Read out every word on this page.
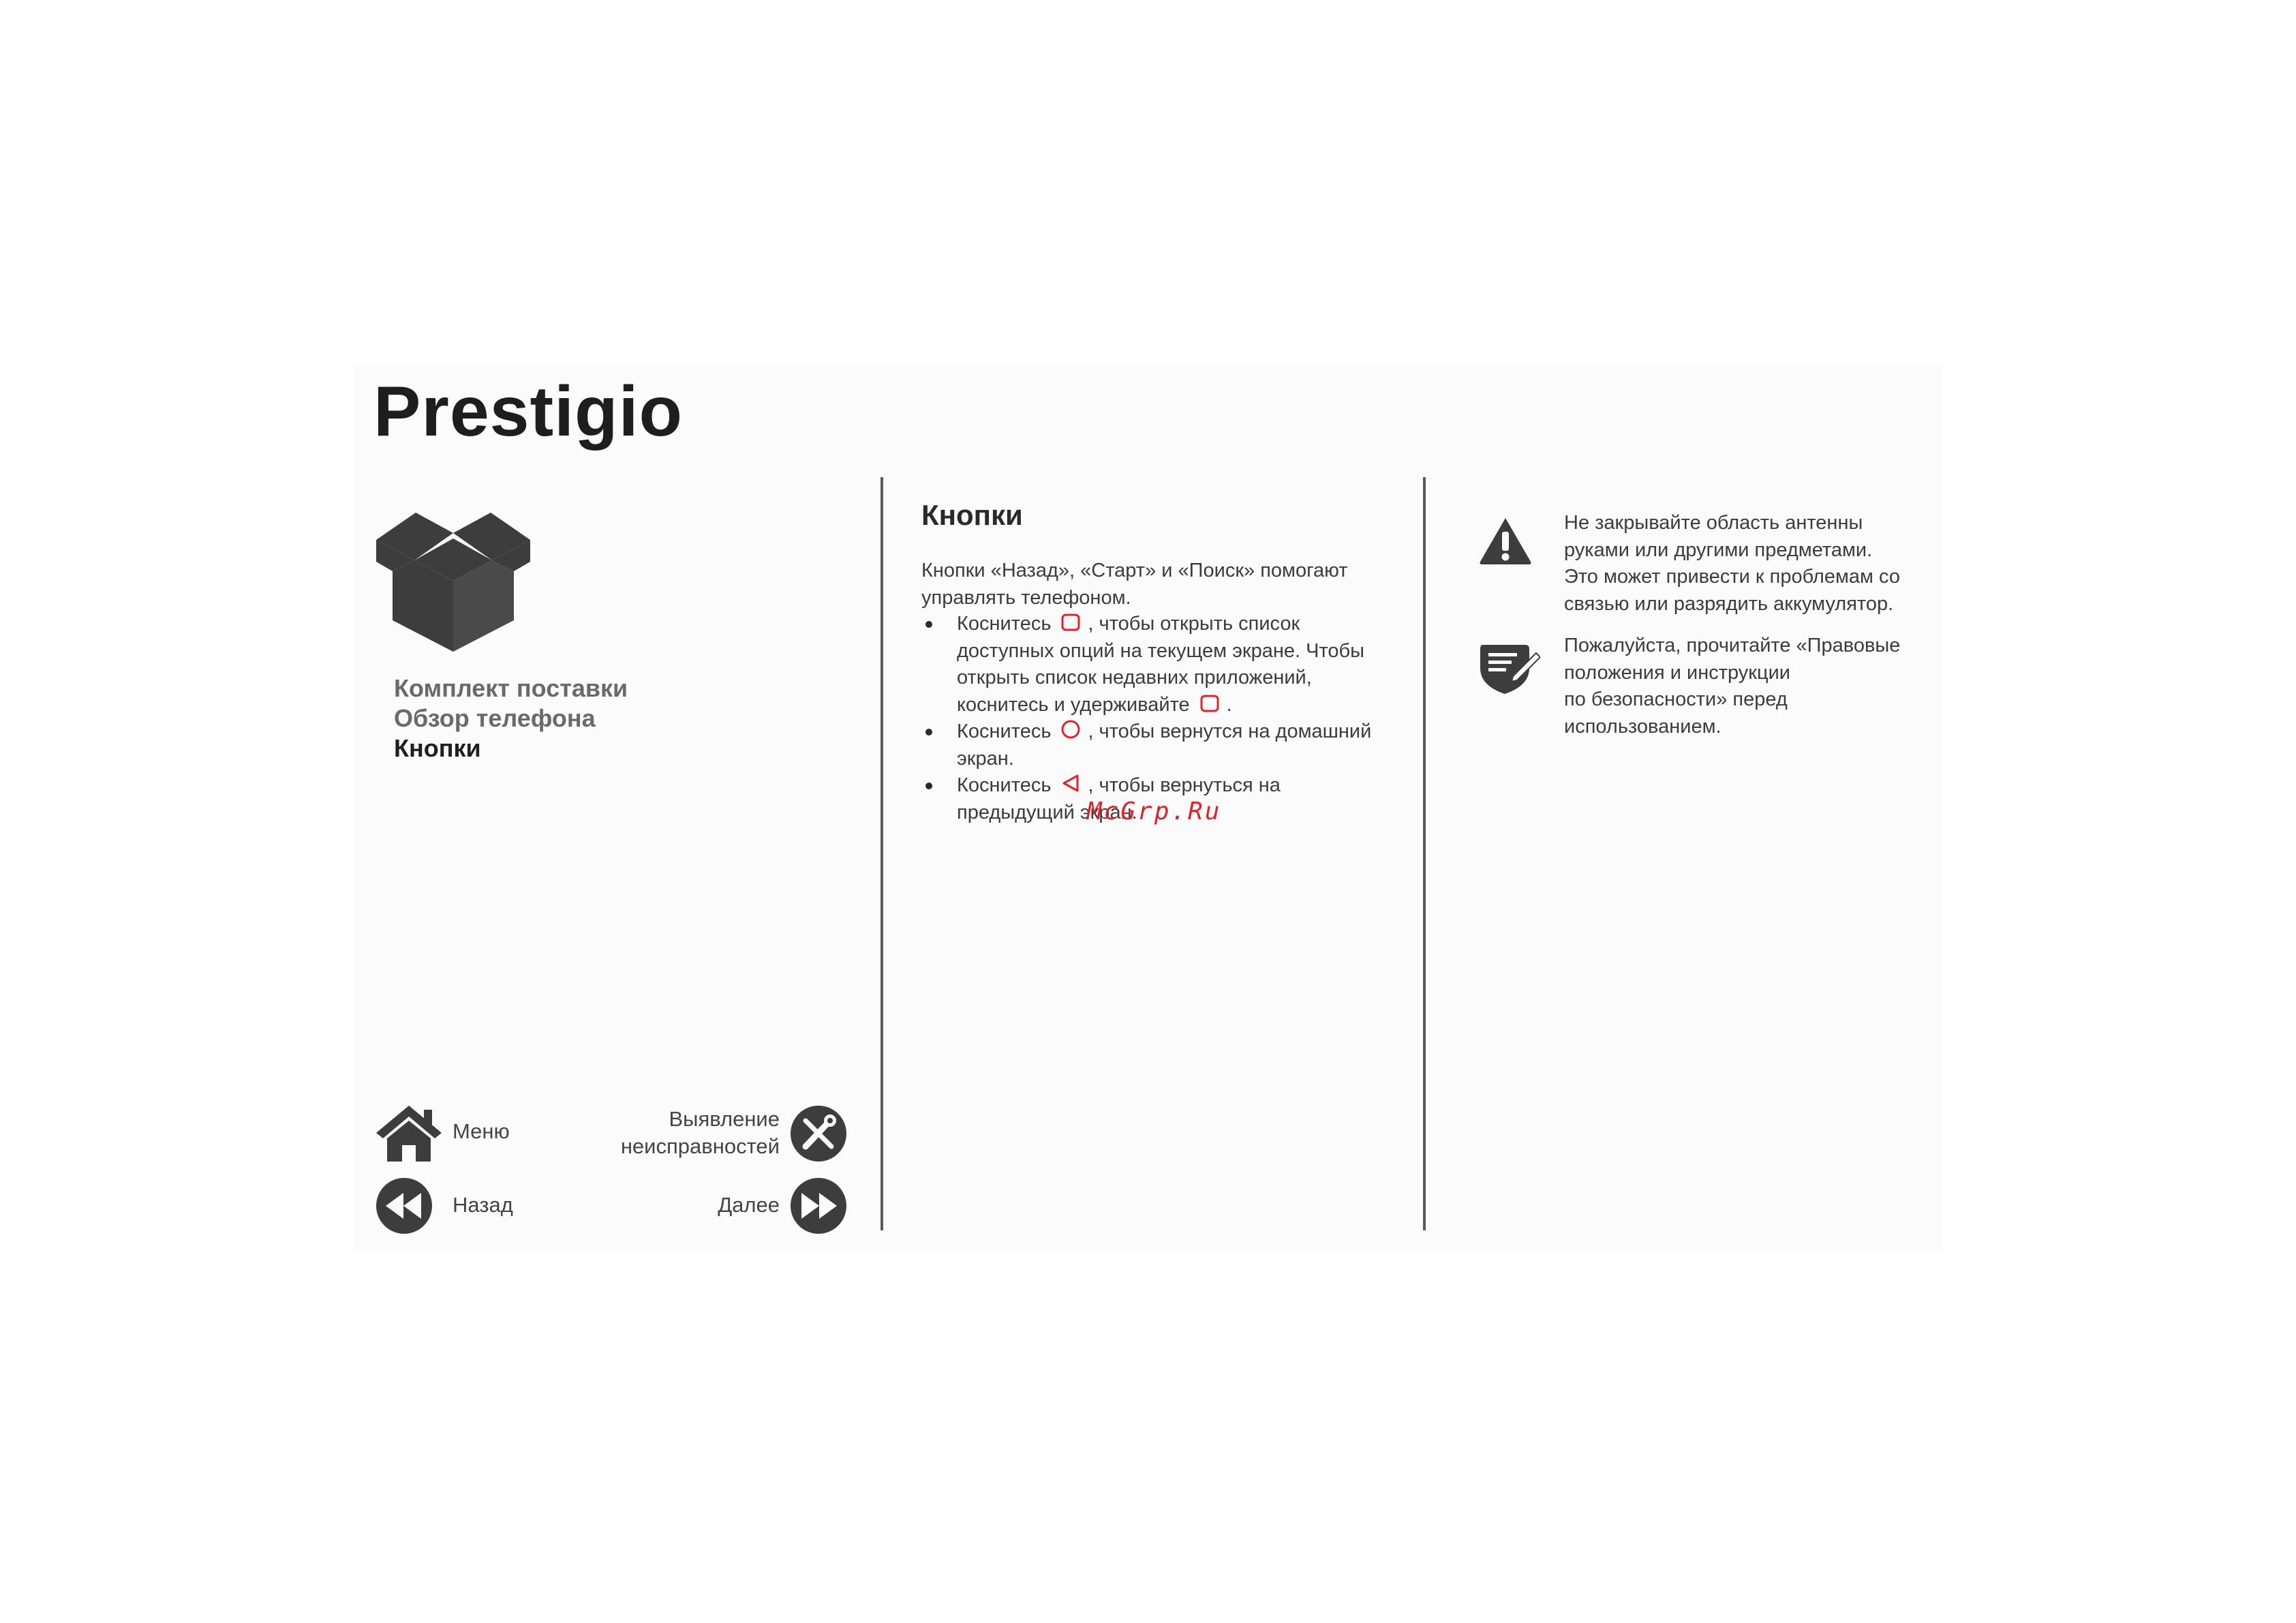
Prestigio
Комплект поставки
Обзор телефона
Кнопки
Меню
Выявление
неисправностей
Назад	Далее
Кнопки
Кнопки «Назад», «Старт» и «Поиск» помогают
управлять телефоном.
Коснитесь , чтобы открыть список
доступных опций на текущем экране. Чтобы
открыть список недавних приложений,
коснитесь и удерживайте .
Коснитесь , чтобы вернутся на домашний
экран.
Коснитесь , чтобы вернуться на
предыдущий экран.
McGrp.Ru
Не закрывайте область антенны
руками или другими предметами.
Это может привести к проблемам со
связью или разрядить аккумулятор.
Пожалуйста, прочитайте «Правовые
положения и инструкции
по безопасности» перед
использованием.
